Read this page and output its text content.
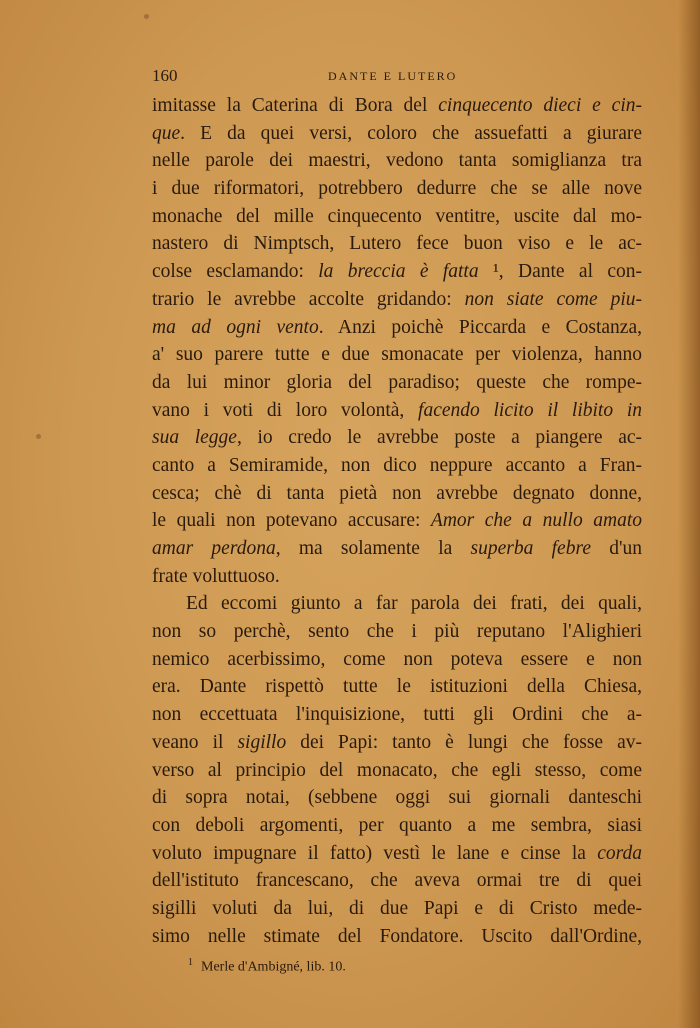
160	DANTE E LUTERO
imitasse la Caterina di Bora del cinquecento dieci e cin-
que. E da quei versi, coloro che assuefatti a giurare
nelle parole dei maestri, vedono tanta somiglianza tra
i due riformatori, potrebbero dedurre che se alle nove
monache del mille cinquecento ventitre, uscite dal mo-
nastero di Nimptsch, Lutero fece buon viso e le ac-
colse esclamando: la breccia è fatta ¹, Dante al con-
trario le avrebbe accolte gridando: non siate come piu-
ma ad ogni vento. Anzi poichè Piccarda e Costanza,
a' suo parere tutte e due smonacate per violenza, hanno
da lui minor gloria del paradiso; queste che rompe-
vano i voti di loro volontà, facendo licito il libito in
sua legge, io credo le avrebbe poste a piangere ac-
canto a Semiramide, non dico neppure accanto a Fran-
cesca; chè di tanta pietà non avrebbe degnato donne,
le quali non potevano accusare: Amor che a nullo amato
amar perdona, ma solamente la superba febre d'un
frate voluttuoso.
Ed eccomi giunto a far parola dei frati, dei quali,
non so perchè, sento che i più reputano l'Alighieri
nemico acerbissimo, come non poteva essere e non
era. Dante rispettò tutte le istituzioni della Chiesa,
non eccettuata l'inquisizione, tutti gli Ordini che a-
veano il sigillo dei Papi: tanto è lungi che fosse av-
verso al principio del monacato, che egli stesso, come
di sopra notai, (sebbene oggi sui giornali danteschi
con deboli argomenti, per quanto a me sembra, siasi
voluto impugnare il fatto) vestì le lane e cinse la corda
dell'istituto francescano, che aveva ormai tre di quei
sigilli voluti da lui, di due Papi e di Cristo mede-
simo nelle stimate del Fondatore. Uscito dall'Ordine,
$^1$ Merle d'Ambigné, lib. 10.
